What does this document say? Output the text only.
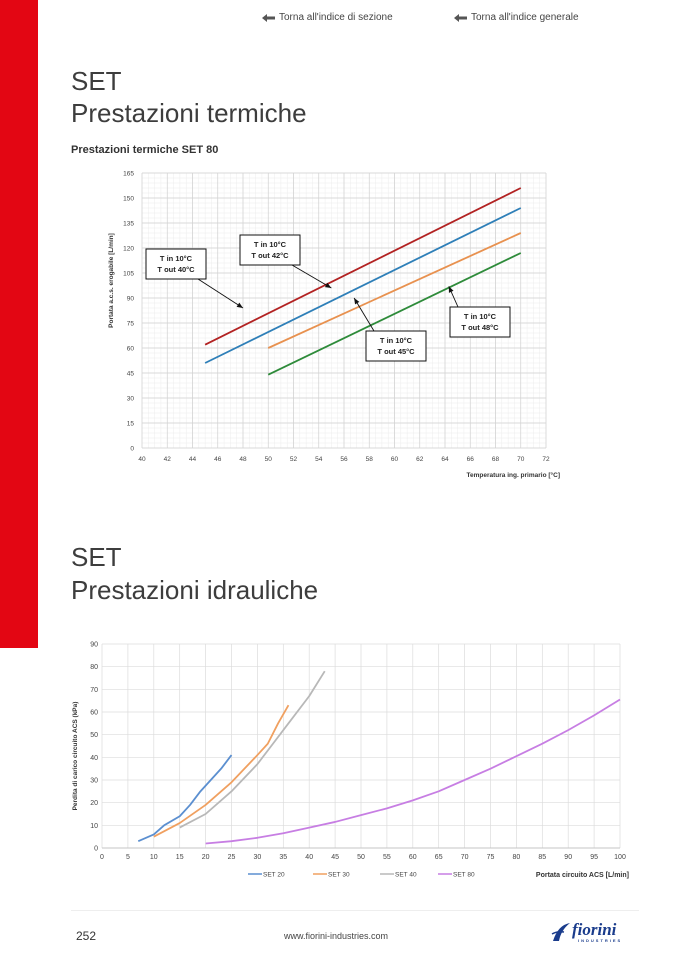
Torna all'indice di sezione	Torna all'indice generale
SET
Prestazioni termiche
Prestazioni termiche SET 80
40	42	44	46	48	50	52	54	56	58	60	62	64	66	68	70	72
0
15
30
45
60
75
90
105
120
135
150
165
T in 10°C
T out 40°C
T in 10°C
T out 42°C
T in 10°C
T out 45°C
T in 10°C
T out 48°C
Portata a.c.s. erogabile [L/min]
Temperatura ing. primario [°C]
SET
Prestazioni idrauliche
0	5	10	15	20	25	30	35	40	45	50	55	60	65	70	75	80	85	90	95 100
0
10
20
30
40
50
60
70
80
90
SET 20	SET 30	SET 40	SET 80
Perdita di carico circuito ACS (kPa)
Portata circuito ACS [L/min]
252	www.fiorini-industries.com	fiorini
INDUSTRIES
